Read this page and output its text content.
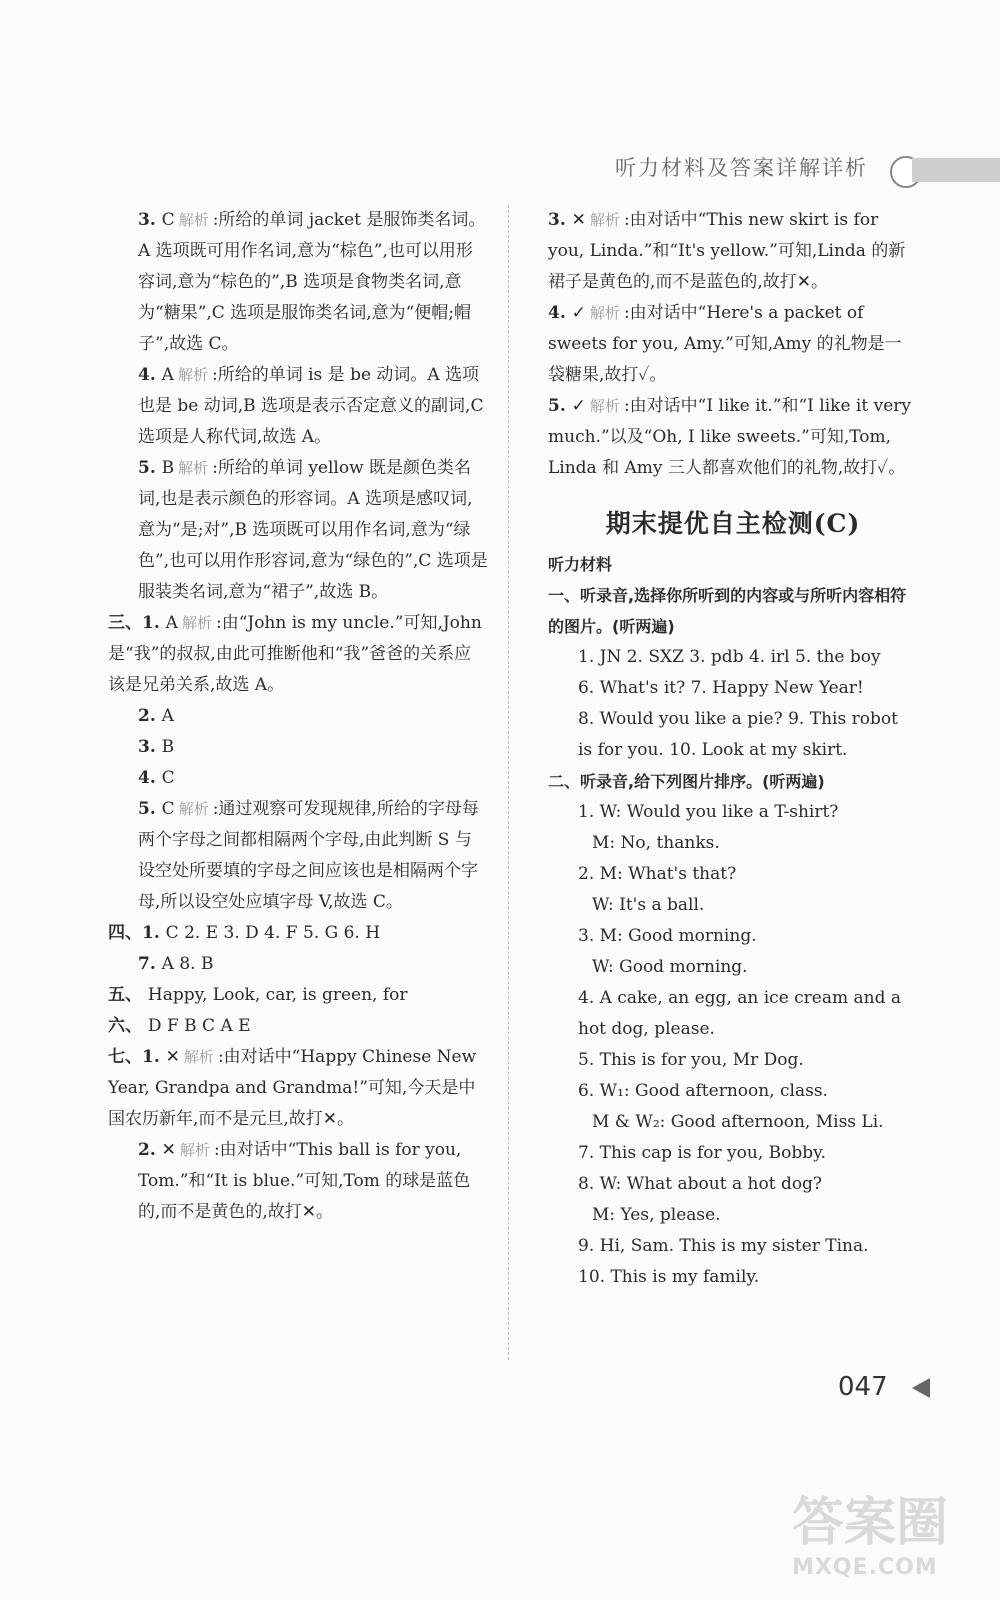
听力材料及答案详解详析
3. C 解析 :所给的单词 jacket 是服饰类名词。A 选项既可用作名词,意为“棕色”,也可以用形容词,意为“棕色的”,B 选项是食物类名词,意为“糖果”,C 选项是服饰类名词,意为“便帽;帽子”,故选 C。
4. A 解析 :所给的单词 is 是 be 动词。A 选项也是 be 动词,B 选项是表示否定意义的副词,C 选项是人称代词,故选 A。
5. B 解析 :所给的单词 yellow 既是颜色类名词,也是表示颜色的形容词。A 选项是感叹词,意为“是;对”,B 选项既可以用作名词,意为“绿色”,也可以用作形容词,意为“绿色的”,C 选项是服装类名词,意为“裙子”,故选 B。
三、1. A 解析 :由“John is my uncle.”可知,John 是“我”的叔叔,由此可推断他和“我”爸爸的关系应该是兄弟关系,故选 A。
2. A
3. B
4. C
5. C 解析 :通过观察可发现规律,所给的字母每两个字母之间都相隔两个字母,由此判断 S 与设空处所要填的字母之间应该也是相隔两个字母,所以设空处应填字母 V,故选 C。
四、1. C 2. E 3. D 4. F 5. G 6. H
7. A 8. B
五、 Happy, Look, car, is green, for
六、 D F B C A E
七、1. ✕ 解析 :由对话中“Happy Chinese New Year, Grandpa and Grandma!”可知,今天是中国农历新年,而不是元旦,故打✕。
2. ✕ 解析 :由对话中“This ball is for you, Tom.”和“It is blue.”可知,Tom 的球是蓝色的,而不是黄色的,故打✕。
3. ✕ 解析 :由对话中“This new skirt is for you, Linda.”和“It's yellow.”可知,Linda 的新裙子是黄色的,而不是蓝色的,故打✕。
4. ✓ 解析 :由对话中“Here's a packet of sweets for you, Amy.”可知,Amy 的礼物是一袋糖果,故打✓。
5. ✓ 解析 :由对话中“I like it.”和“I like it very much.”以及“Oh, I like sweets.”可知,Tom, Linda 和 Amy 三人都喜欢他们的礼物,故打✓。
期末提优自主检测(C)
听力材料
一、听录音,选择你所听到的内容或与所听内容相符的图片。(听两遍)
1. JN 2. SXZ 3. pdb 4. irl 5. the boy
6. What's it? 7. Happy New Year!
8. Would you like a pie? 9. This robot
is for you. 10. Look at my skirt.
二、听录音,给下列图片排序。(听两遍)
1. W: Would you like a T-shirt?
M: No, thanks.
2. M: What's that?
W: It's a ball.
3. M: Good morning.
W: Good morning.
4. A cake, an egg, an ice cream and a hot dog, please.
5. This is for you, Mr Dog.
6. W₁: Good afternoon, class.
M & W₂: Good afternoon, Miss Li.
7. This cap is for you, Bobby.
8. W: What about a hot dog?
M: Yes, please.
9. Hi, Sam. This is my sister Tina.
10. This is my family.
047
答案圈
MXQE.COM
